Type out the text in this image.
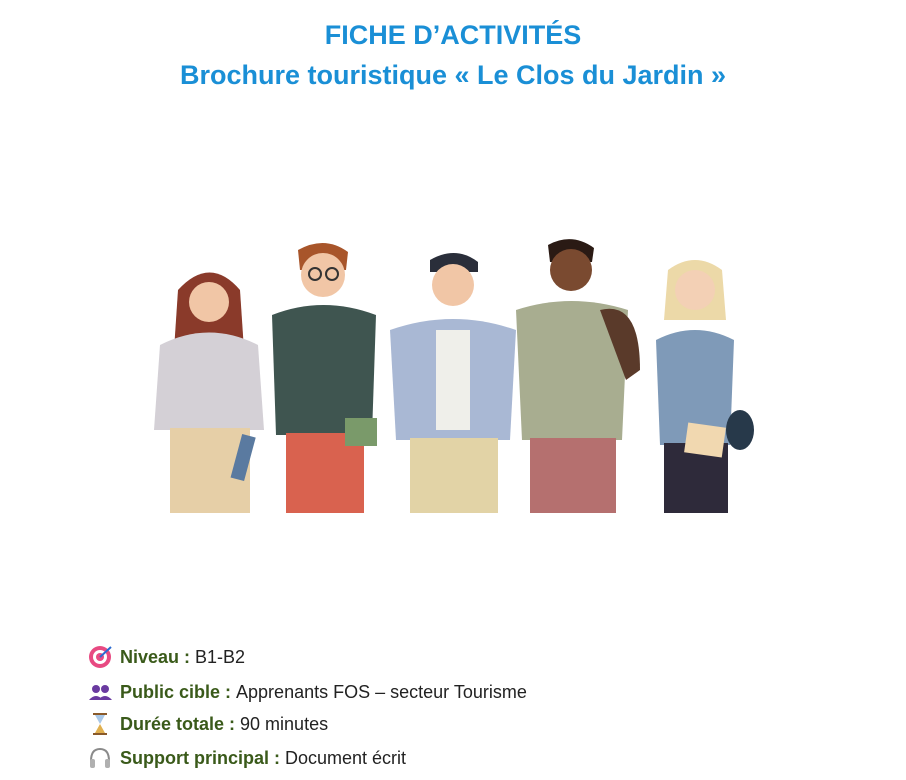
FICHE D’ACTIVITÉS
Brochure touristique « Le Clos du Jardin »
Niveau : B1-B2
Public cible : Apprenants FOS – secteur Tourisme
Durée totale : 90 minutes
Support principal : Document écrit
